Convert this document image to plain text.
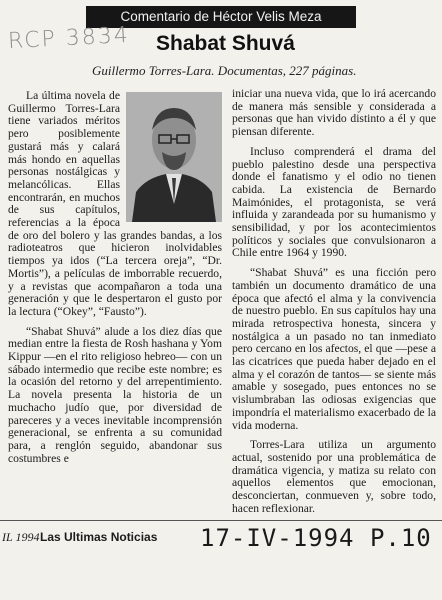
Comentario de Héctor Velis Meza
RCP 3834 Shabat Shuvá
Guillermo Torres-Lara. Documentas, 227 páginas.

La última novela de Guillermo Torres-Lara tiene variados méritos pero posiblemente gustará más y calará más hondo en aquellas personas nostálgicas y melancólicas. Ellas encontrarán, en muchos de sus capítulos, referencias a la época de oro del bolero y las grandes bandas, a los radioteatros que hicieron inolvidables tiempos ya idos (“La tercera oreja”, “Dr. Mortis”), a películas de imborrable recuerdo, y a revistas que acompañaron a toda una generación y que le despertaron el gusto por la lectura (“Okey”, “Fausto”).

“Shabat Shuvá” alude a los diez días que median entre la fiesta de Rosh hashana y Yom Kippur —en el rito religioso hebreo— con un sábado intermedio que recibe este nombre; es la ocasión del retorno y del arrepentimiento. La novela presenta la historia de un muchacho judío que, por diversidad de pareceres y a veces inevitable incomprensión generacional, se enfrenta a su comunidad para, a renglón seguido, abandonar sus costumbres e

iniciar una nueva vida, que lo irá acercando de manera más sensible y considerada a personas que han vivido distinto a él y que piensan diferente.

Incluso comprenderá el drama del pueblo palestino desde una perspectiva donde el fanatismo y el odio no tienen cabida. La existencia de Bernardo Maimónides, el protagonista, se verá influida y zarandeada por su humanismo y sensibilidad, y por los acontecimientos políticos y sociales que convulsionaron a Chile entre 1964 y 1990.

“Shabat Shuvá” es una ficción pero también un documento dramático de una época que afectó el alma y la convivencia de nuestro pueblo. En sus capítulos hay una mirada retrospectiva honesta, sincera y nostálgica a un pasado no tan inmediato pero cercano en los afectos, el que —pese a las cicatrices que pueda haber dejado en el alma y el corazón de tantos— se siente más amable y sosegado, pues entonces no se vislumbraban las odiosas exigencias que impondría el materialismo exacerbado de la vida moderna.

Torres-Lara utiliza un argumento actual, sostenido por una problemática de dramática vigencia, y matiza su relato con aquellos elementos que emocionan, desconciertan, conmueven y, sobre todo, hacen reflexionar.

IL 1994 Las Ultimas Noticias 17-IV-1994 P.10
